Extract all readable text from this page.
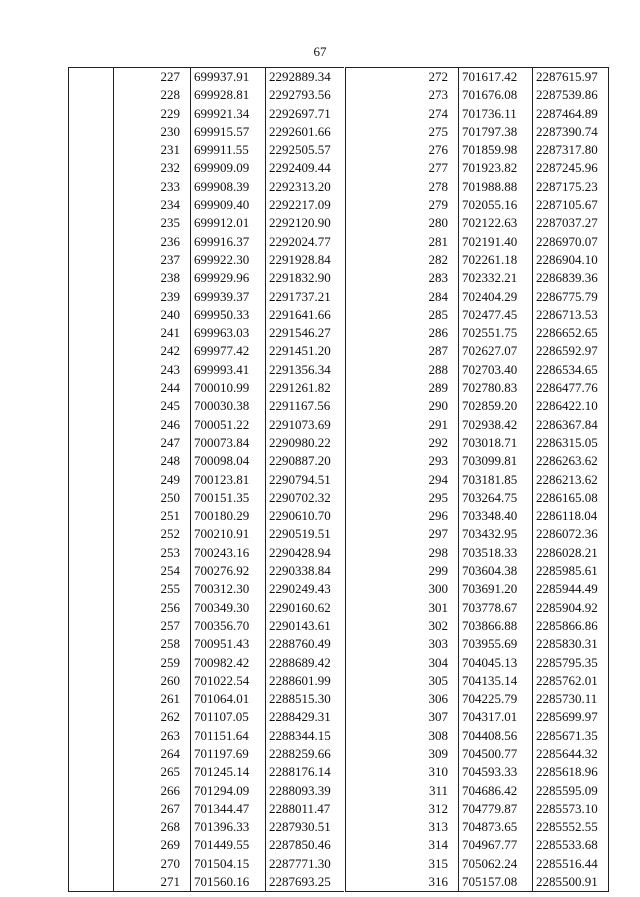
67
	227	699937.91	2292889.34
	228	699928.81	2292793.56
	229	699921.34	2292697.71
	230	699915.57	2292601.66
	231	699911.55	2292505.57
	232	699909.09	2292409.44
	233	699908.39	2292313.20
	234	699909.40	2292217.09
	235	699912.01	2292120.90
	236	699916.37	2292024.77
	237	699922.30	2291928.84
	238	699929.96	2291832.90
	239	699939.37	2291737.21
	240	699950.33	2291641.66
	241	699963.03	2291546.27
	242	699977.42	2291451.20
	243	699993.41	2291356.34
	244	700010.99	2291261.82
	245	700030.38	2291167.56
	246	700051.22	2291073.69
	247	700073.84	2290980.22
	248	700098.04	2290887.20
	249	700123.81	2290794.51
	250	700151.35	2290702.32
	251	700180.29	2290610.70
	252	700210.91	2290519.51
	253	700243.16	2290428.94
	254	700276.92	2290338.84
	255	700312.30	2290249.43
	256	700349.30	2290160.62
	257	700356.70	2290143.61
	258	700951.43	2288760.49
	259	700982.42	2288689.42
	260	701022.54	2288601.99
	261	701064.01	2288515.30
	262	701107.05	2288429.31
	263	701151.64	2288344.15
	264	701197.69	2288259.66
	265	701245.14	2288176.14
	266	701294.09	2288093.39
	267	701344.47	2288011.47
	268	701396.33	2287930.51
	269	701449.55	2287850.46
	270	701504.15	2287771.30
	271	701560.16	2287693.25
	272	701617.42	2287615.97
	273	701676.08	2287539.86
	274	701736.11	2287464.89
	275	701797.38	2287390.74
	276	701859.98	2287317.80
	277	701923.82	2287245.96
	278	701988.88	2287175.23
	279	702055.16	2287105.67
	280	702122.63	2287037.27
	281	702191.40	2286970.07
	282	702261.18	2286904.10
	283	702332.21	2286839.36
	284	702404.29	2286775.79
	285	702477.45	2286713.53
	286	702551.75	2286652.65
	287	702627.07	2286592.97
	288	702703.40	2286534.65
	289	702780.83	2286477.76
	290	702859.20	2286422.10
	291	702938.42	2286367.84
	292	703018.71	2286315.05
	293	703099.81	2286263.62
	294	703181.85	2286213.62
	295	703264.75	2286165.08
	296	703348.40	2286118.04
	297	703432.95	2286072.36
	298	703518.33	2286028.21
	299	703604.38	2285985.61
	300	703691.20	2285944.49
	301	703778.67	2285904.92
	302	703866.88	2285866.86
	303	703955.69	2285830.31
	304	704045.13	2285795.35
	305	704135.14	2285762.01
	306	704225.79	2285730.11
	307	704317.01	2285699.97
	308	704408.56	2285671.35
	309	704500.77	2285644.32
	310	704593.33	2285618.96
	311	704686.42	2285595.09
	312	704779.87	2285573.10
	313	704873.65	2285552.55
	314	704967.77	2285533.68
	315	705062.24	2285516.44
	316	705157.08	2285500.91
